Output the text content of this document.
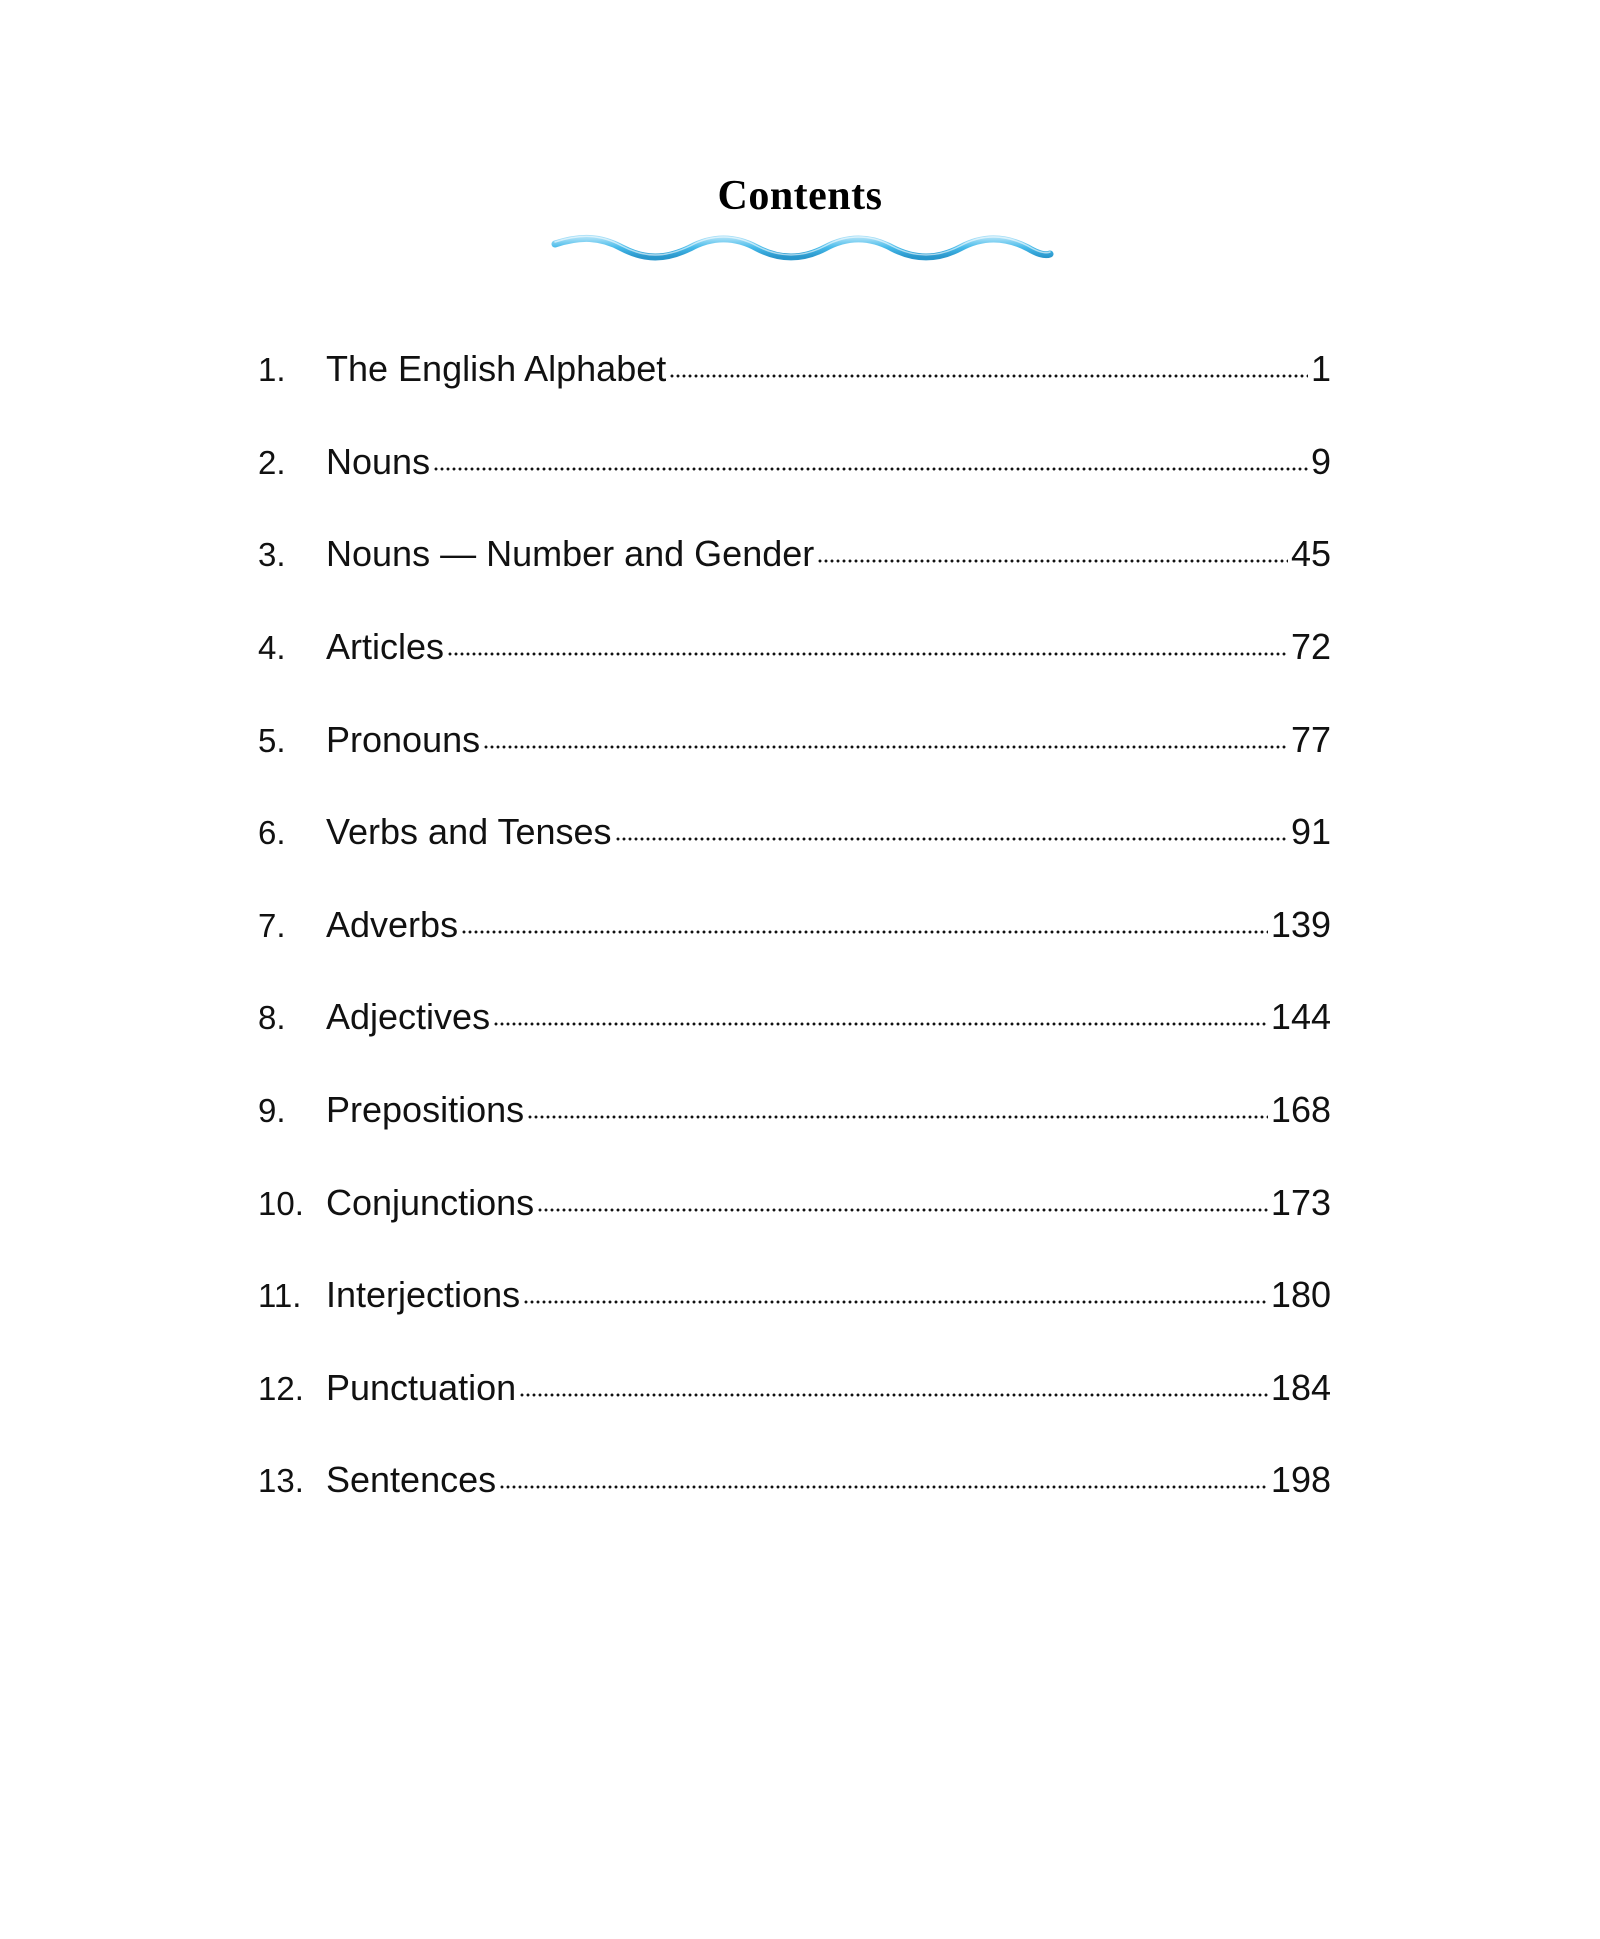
Contents
1.	The English Alphabet	1
2.	Nouns	9
3.	Nouns — Number and Gender	45
4.	Articles	72
5.	Pronouns	77
6.	Verbs and Tenses	91
7.	Adverbs	139
8.	Adjectives	144
9.	Prepositions	168
10. Conjunctions	173
11. Interjections	180
12. Punctuation	184
13. Sentences	198
